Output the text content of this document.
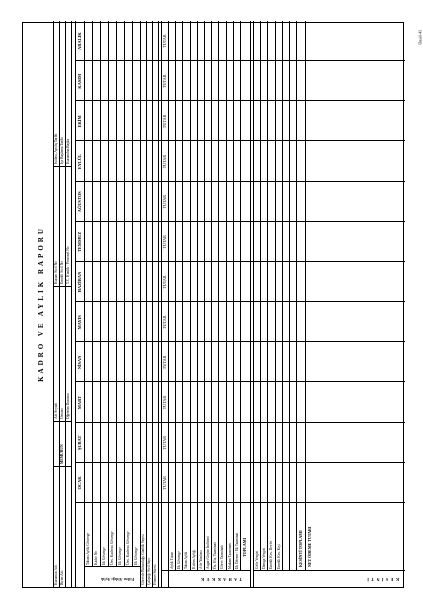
KADRO VE AYLIK RAPORU
Kurumun Adı Birim Adı
MEMURUN
Adı Soyadı Ünvanı Öğrenim Durumu
Kurum Sicil No Emekli Sicil No T.C. Kimlik / Personel No
İstifası, Ayrılış Tarihi İşe Başlama Tarihi Kurumdan Başka
OCAK
ŞUBAT
MART
NİSAN
MAYIS
HAZİRAN
TEMMUZ
AĞUSTOS
EYLÜL
EKİM
KASIM
ARALIK
Tabanı Aylık Gösterge Kadro No Ek Gösterge Ünv. Kadrosu Gösterge Ek Gösterge Ünv. Kadrosu Gösterge Ek Gösterge
Fiilen Aldığı Aylık Görevde Bulunduğu Günlük Sayısı Çalıştığı Sicil Sayı Hizmet Süresi
TUTAR
TUTAR
TUTAR
TUTAR
TUTAR
TUTAR
TUTAR
TUTAR
TUTAR
TUTAR
TUTAR
TUTAR
Aylık Tutarı Ek Gösterge Taban Aylık Kıdem Aylığı Aile Yardımı Asgari Geçim İndirimi Öz. Hiz. Tazminatı Görev Tazminatı Makam Tazminatı Ek Ödeme / Ek Tazminat TOPLAMI
TAHAKKUK
Gelir Vergisi Damga Vergisi Emekli Kes. Devlet Emekli Kes. Kişi	KESİNTİ TOPLAMI NET ÖDEME TUTARI
KESİNTİ
Ünsel-41
